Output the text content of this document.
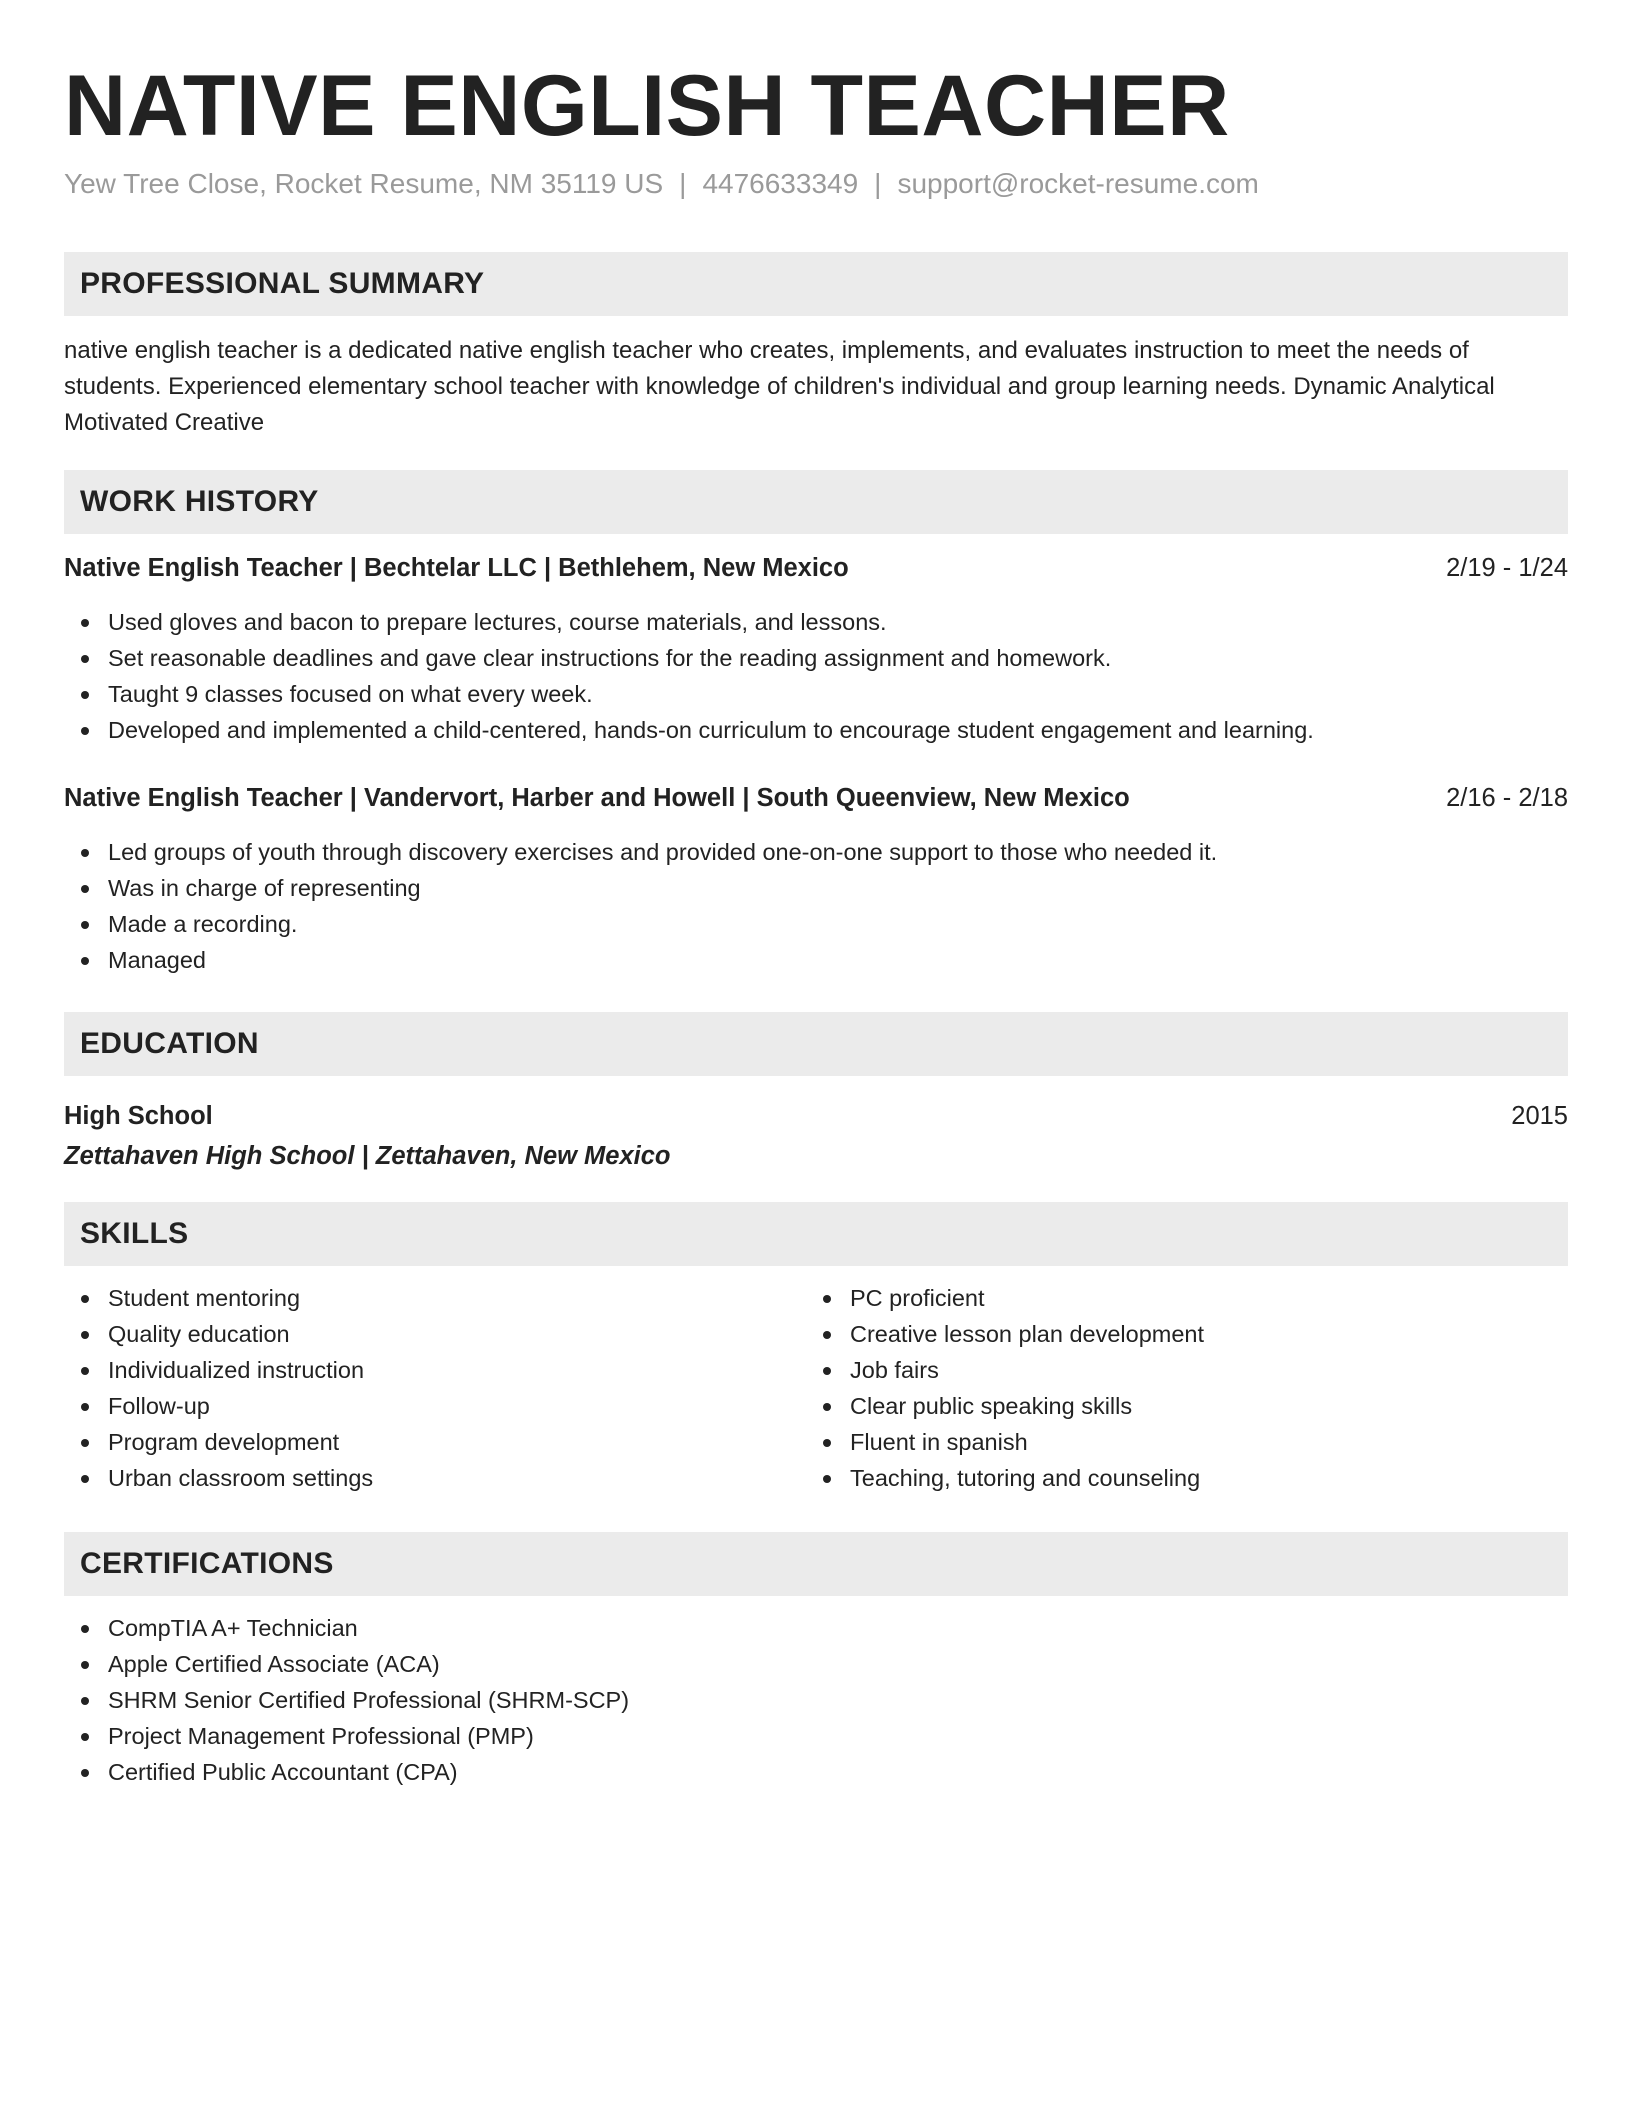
NATIVE ENGLISH TEACHER
Yew Tree Close, Rocket Resume, NM 35119 US | 4476633349 | support@rocket-resume.com
PROFESSIONAL SUMMARY
native english teacher is a dedicated native english teacher who creates, implements, and evaluates instruction to meet the needs of students. Experienced elementary school teacher with knowledge of children's individual and group learning needs. Dynamic Analytical Motivated Creative
WORK HISTORY
Native English Teacher | Bechtelar LLC | Bethlehem, New Mexico	2/19 - 1/24
Used gloves and bacon to prepare lectures, course materials, and lessons.
Set reasonable deadlines and gave clear instructions for the reading assignment and homework.
Taught 9 classes focused on what every week.
Developed and implemented a child-centered, hands-on curriculum to encourage student engagement and learning.
Native English Teacher | Vandervort, Harber and Howell | South Queenview, New Mexico	2/16 - 2/18
Led groups of youth through discovery exercises and provided one-on-one support to those who needed it.
Was in charge of representing
Made a recording.
Managed
EDUCATION
High School	2015
Zettahaven High School | Zettahaven, New Mexico
SKILLS
Student mentoring
Quality education
Individualized instruction
Follow-up
Program development
Urban classroom settings
PC proficient
Creative lesson plan development
Job fairs
Clear public speaking skills
Fluent in spanish
Teaching, tutoring and counseling
CERTIFICATIONS
CompTIA A+ Technician
Apple Certified Associate (ACA)
SHRM Senior Certified Professional (SHRM-SCP)
Project Management Professional (PMP)
Certified Public Accountant (CPA)
